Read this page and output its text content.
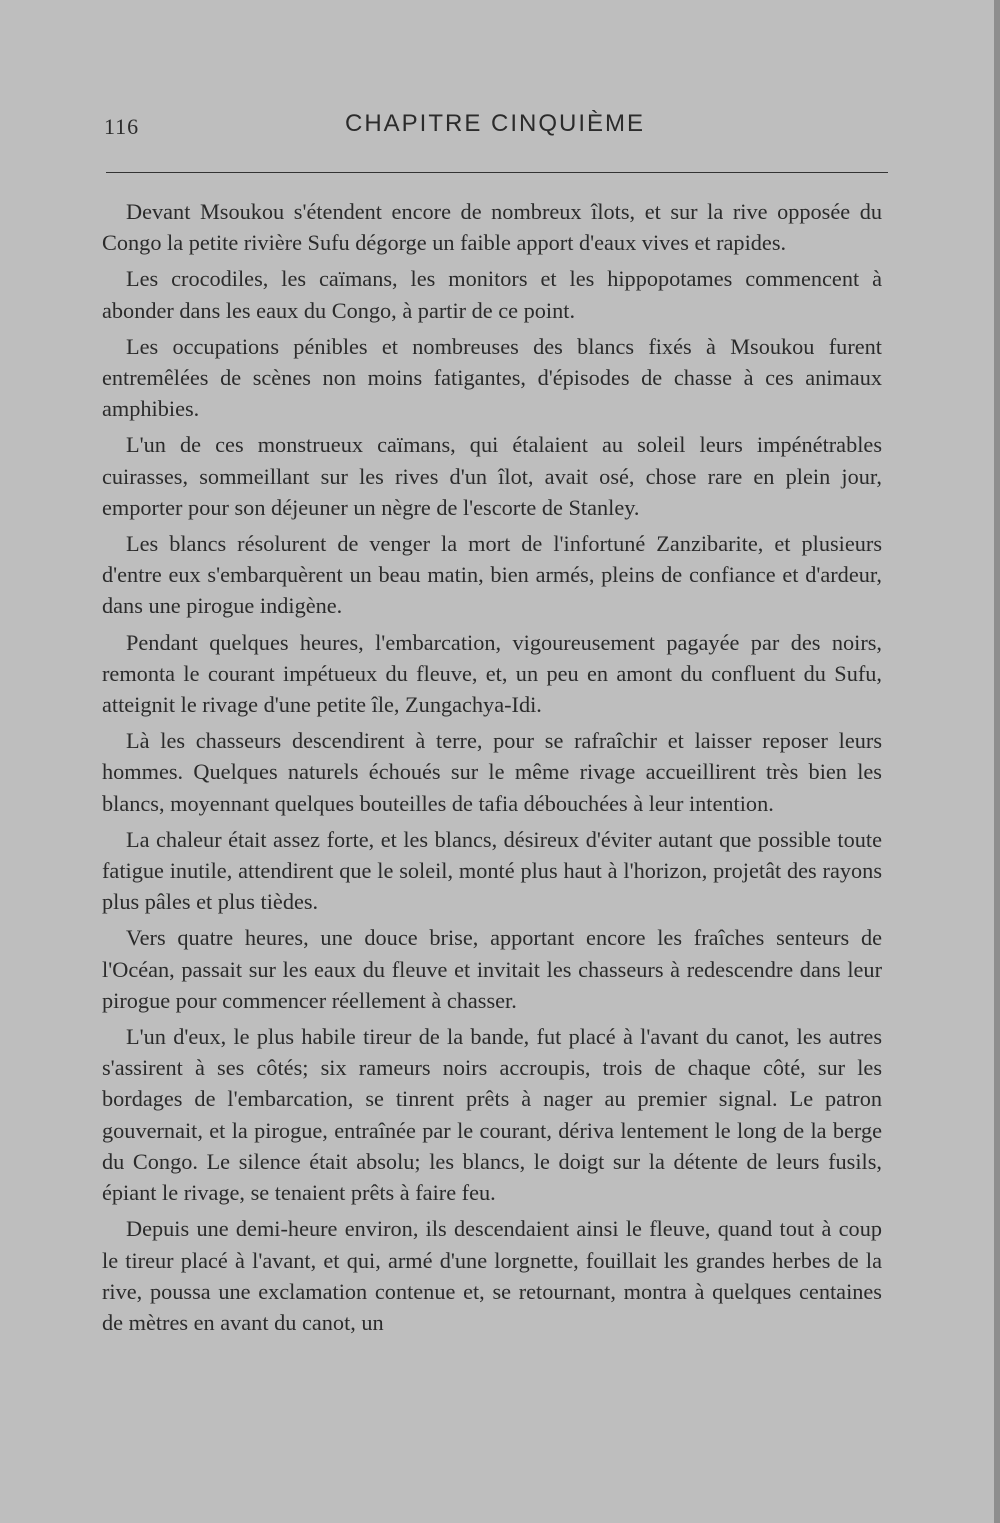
116	CHAPITRE CINQUIÈME

Devant Msoukou s'étendent encore de nombreux îlots, et sur la rive opposée du Congo la petite rivière Sufu dégorge un faible apport d'eaux vives et rapides.

Les crocodiles, les caïmans, les monitors et les hippopotames commencent à abonder dans les eaux du Congo, à partir de ce point.

Les occupations pénibles et nombreuses des blancs fixés à Msoukou furent entremêlées de scènes non moins fatigantes, d'épisodes de chasse à ces animaux amphibies.

L'un de ces monstrueux caïmans, qui étalaient au soleil leurs impénétrables cuirasses, sommeillant sur les rives d'un îlot, avait osé, chose rare en plein jour, emporter pour son déjeuner un nègre de l'escorte de Stanley.

Les blancs résolurent de venger la mort de l'infortuné Zanzibarite, et plusieurs d'entre eux s'embarquèrent un beau matin, bien armés, pleins de confiance et d'ardeur, dans une pirogue indigène.

Pendant quelques heures, l'embarcation, vigoureusement pagayée par des noirs, remonta le courant impétueux du fleuve, et, un peu en amont du confluent du Sufu, atteignit le rivage d'une petite île, Zungachya-Idi.

Là les chasseurs descendirent à terre, pour se rafraîchir et laisser reposer leurs hommes. Quelques naturels échoués sur le même rivage accueillirent très bien les blancs, moyennant quelques bouteilles de tafia débouchées à leur intention.

La chaleur était assez forte, et les blancs, désireux d'éviter autant que possible toute fatigue inutile, attendirent que le soleil, monté plus haut à l'horizon, projetât des rayons plus pâles et plus tièdes.

Vers quatre heures, une douce brise, apportant encore les fraîches senteurs de l'Océan, passait sur les eaux du fleuve et invitait les chasseurs à redescendre dans leur pirogue pour commencer réellement à chasser.

L'un d'eux, le plus habile tireur de la bande, fut placé à l'avant du canot, les autres s'assirent à ses côtés; six rameurs noirs accroupis, trois de chaque côté, sur les bordages de l'embarcation, se tinrent prêts à nager au premier signal. Le patron gouvernait, et la pirogue, entraînée par le courant, dériva lentement le long de la berge du Congo. Le silence était absolu; les blancs, le doigt sur la détente de leurs fusils, épiant le rivage, se tenaient prêts à faire feu.

Depuis une demi-heure environ, ils descendaient ainsi le fleuve, quand tout à coup le tireur placé à l'avant, et qui, armé d'une lorgnette, fouillait les grandes herbes de la rive, poussa une exclamation contenue et, se retournant, montra à quelques centaines de mètres en avant du canot, un
